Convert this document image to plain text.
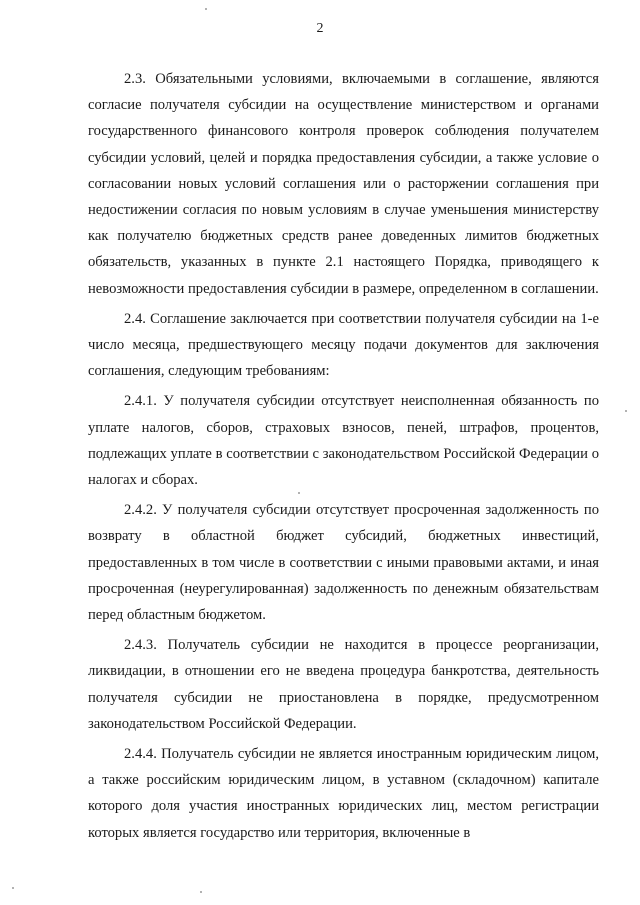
2

2.3. Обязательными условиями, включаемыми в соглашение, являются согласие получателя субсидии на осуществление министерством и органами государственного финансового контроля проверок соблюдения получателем субсидии условий, целей и порядка предоставления субсидии, а также условие о согласовании новых условий соглашения или о расторжении соглашения при недостижении согласия по новым условиям в случае уменьшения министерству как получателю бюджетных средств ранее доведенных лимитов бюджетных обязательств, указанных в пункте 2.1 настоящего Порядка, приводящего к невозможности предоставления субсидии в размере, определенном в соглашении.

2.4. Соглашение заключается при соответствии получателя субсидии на 1-е число месяца, предшествующего месяцу подачи документов для заключения соглашения, следующим требованиям:

2.4.1. У получателя субсидии отсутствует неисполненная обязанность по уплате налогов, сборов, страховых взносов, пеней, штрафов, процентов, подлежащих уплате в соответствии с законодательством Российской Федерации о налогах и сборах.

2.4.2. У получателя субсидии отсутствует просроченная задолженность по возврату в областной бюджет субсидий, бюджетных инвестиций, предоставленных в том числе в соответствии с иными правовыми актами, и иная просроченная (неурегулированная) задолженность по денежным обязательствам перед областным бюджетом.

2.4.3. Получатель субсидии не находится в процессе реорганизации, ликвидации, в отношении его не введена процедура банкротства, деятельность получателя субсидии не приостановлена в порядке, предусмотренном законодательством Российской Федерации.

2.4.4. Получатель субсидии не является иностранным юридическим лицом, а также российским юридическим лицом, в уставном (складочном) капитале которого доля участия иностранных юридических лиц, местом регистрации которых является государство или территория, включенные в
